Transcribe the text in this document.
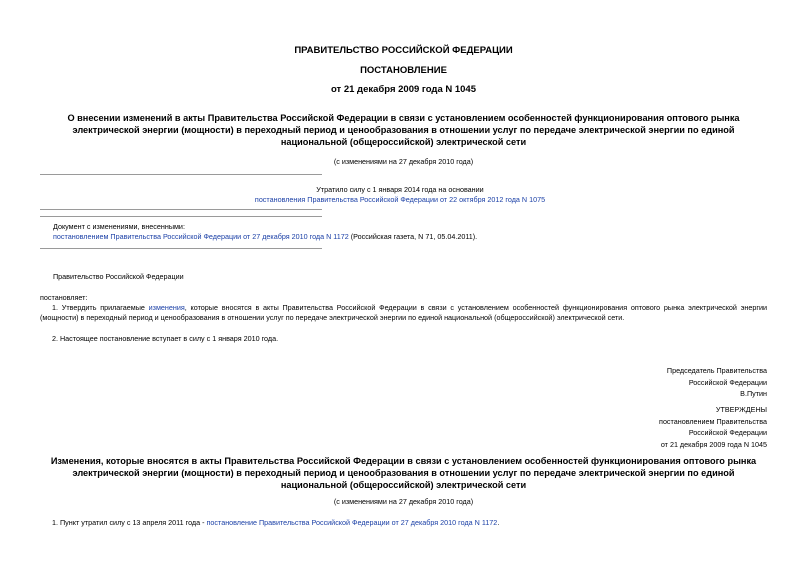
ПРАВИТЕЛЬСТВО РОССИЙСКОЙ ФЕДЕРАЦИИ
ПОСТАНОВЛЕНИЕ
от 21 декабря 2009 года N 1045
О внесении изменений в акты Правительства Российской Федерации в связи с установлением особенностей функционирования оптового рынка электрической энергии (мощности) в переходный период и ценообразования в отношении услуг по передаче электрической энергии по единой национальной (общероссийской) электрической сети
(с изменениями на 27 декабря 2010 года)
Утратило силу с 1 января 2014 года на основании
постановления Правительства Российской Федерации от 22 октября 2012 года N 1075
Документ с изменениями, внесенными:
постановлением Правительства Российской Федерации от 27 декабря 2010 года N 1172 (Российская газета, N 71, 05.04.2011).
Правительство Российской Федерации
постановляет:
1. Утвердить прилагаемые изменения, которые вносятся в акты Правительства Российской Федерации в связи с установлением особенностей функционирования оптового рынка электрической энергии (мощности) в переходный период и ценообразования в отношении услуг по передаче электрической энергии по единой национальной (общероссийской) электрической сети.
2. Настоящее постановление вступает в силу с 1 января 2010 года.
Председатель Правительства
Российской Федерации
В.Путин
УТВЕРЖДЕНЫ
постановлением Правительства
Российской Федерации
от 21 декабря 2009 года N 1045
Изменения, которые вносятся в акты Правительства Российской Федерации в связи с установлением особенностей функционирования оптового рынка электрической энергии (мощности) в переходный период и ценообразования в отношении услуг по передаче электрической энергии по единой национальной (общероссийской) электрической сети
(с изменениями на 27 декабря 2010 года)
1. Пункт утратил силу с 13 апреля 2011 года - постановление Правительства Российской Федерации от 27 декабря 2010 года N 1172.
